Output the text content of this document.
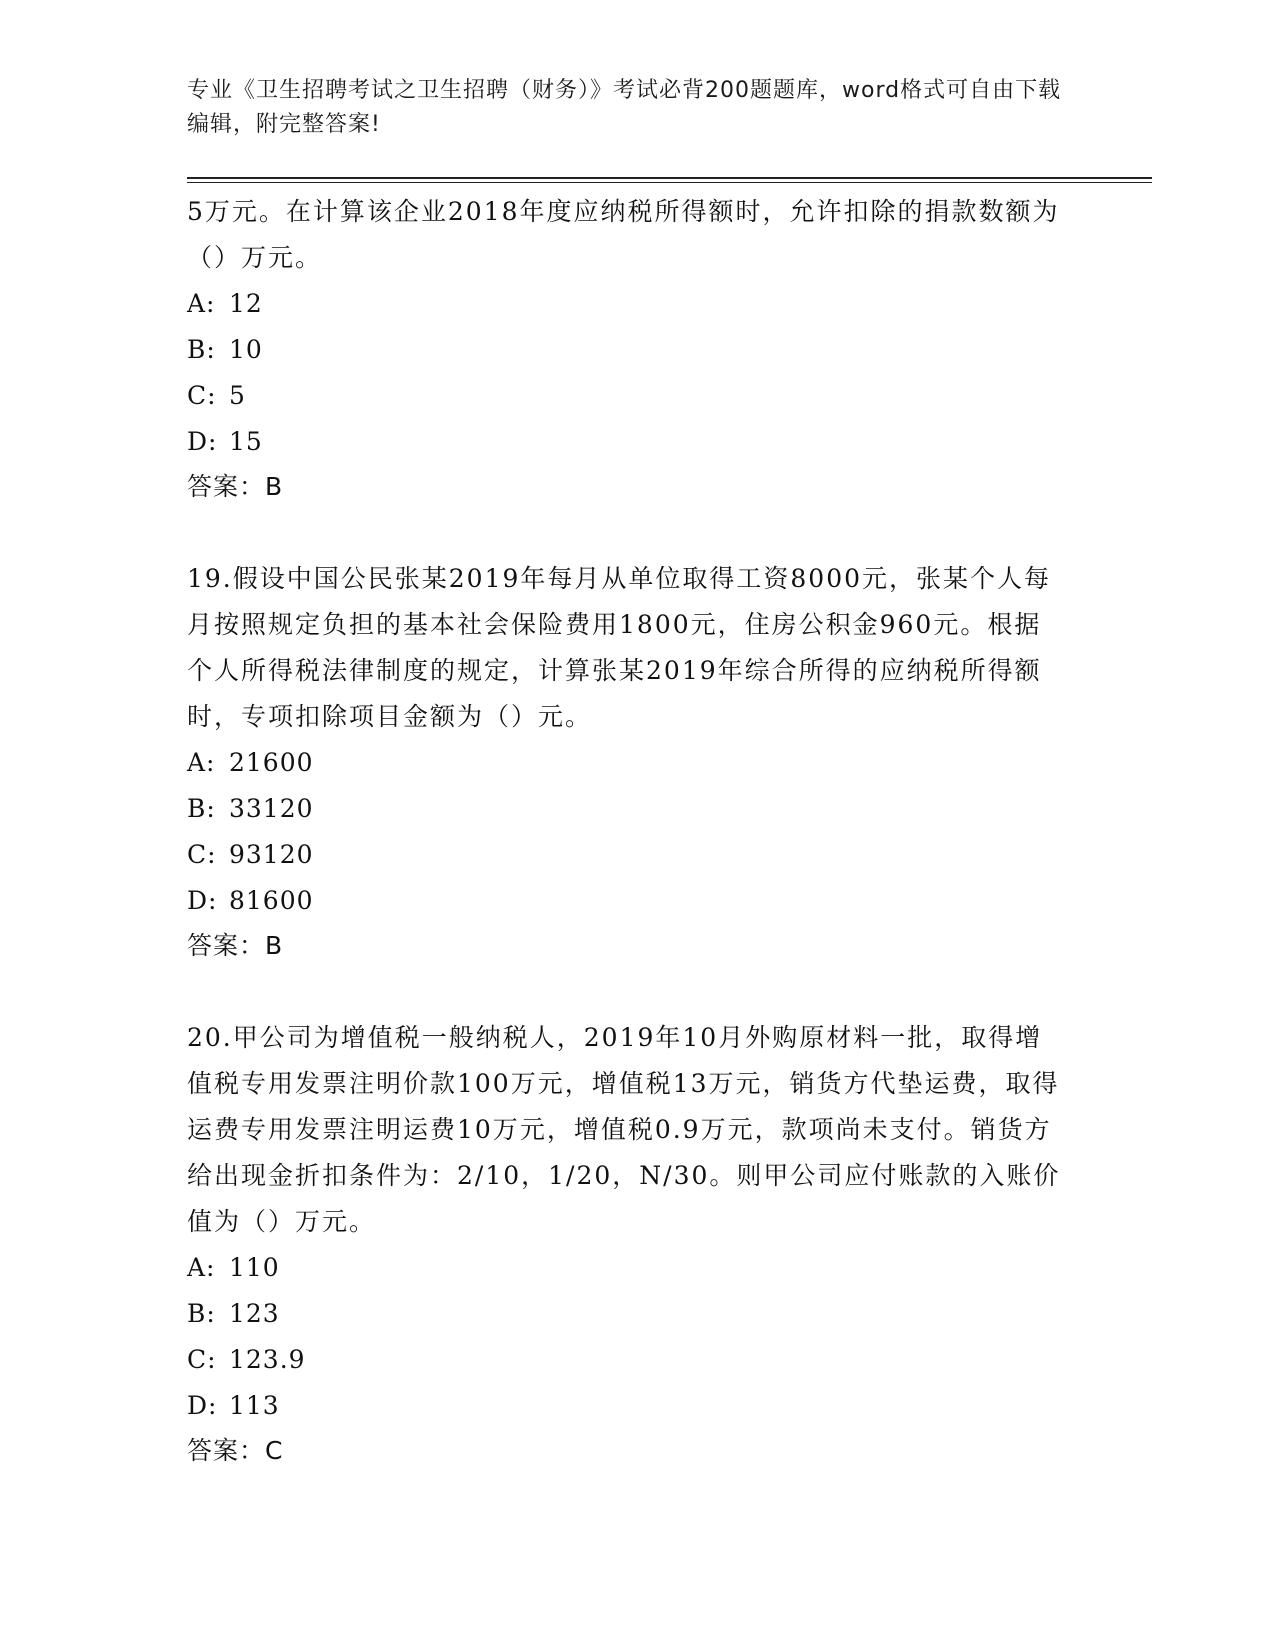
专业《卫生招聘考试之卫生招聘（财务）》考试必背200题题库，word格式可自由下载编辑，附完整答案!

5万元。在计算该企业2018年度应纳税所得额时，允许扣除的捐款数额为（）万元。

A: 12

B: 10

C: 5

D: 15

答案：B

19.假设中国公民张某2019年每月从单位取得工资8000元，张某个人每月按照规定负担的基本社会保险费用1800元，住房公积金960元。根据个人所得税法律制度的规定，计算张某2019年综合所得的应纳税所得额时，专项扣除项目金额为（）元。

A: 21600

B: 33120

C: 93120

D: 81600

答案：B

20.甲公司为增值税一般纳税人，2019年10月外购原材料一批，取得增值税专用发票注明价款100万元，增值税13万元，销货方代垫运费，取得运费专用发票注明运费10万元，增值税0.9万元，款项尚未支付。销货方给出现金折扣条件为：2/10，1/20，N/30。则甲公司应付账款的入账价值为（）万元。

A: 110

B: 123

C: 123.9

D: 113

答案：C
